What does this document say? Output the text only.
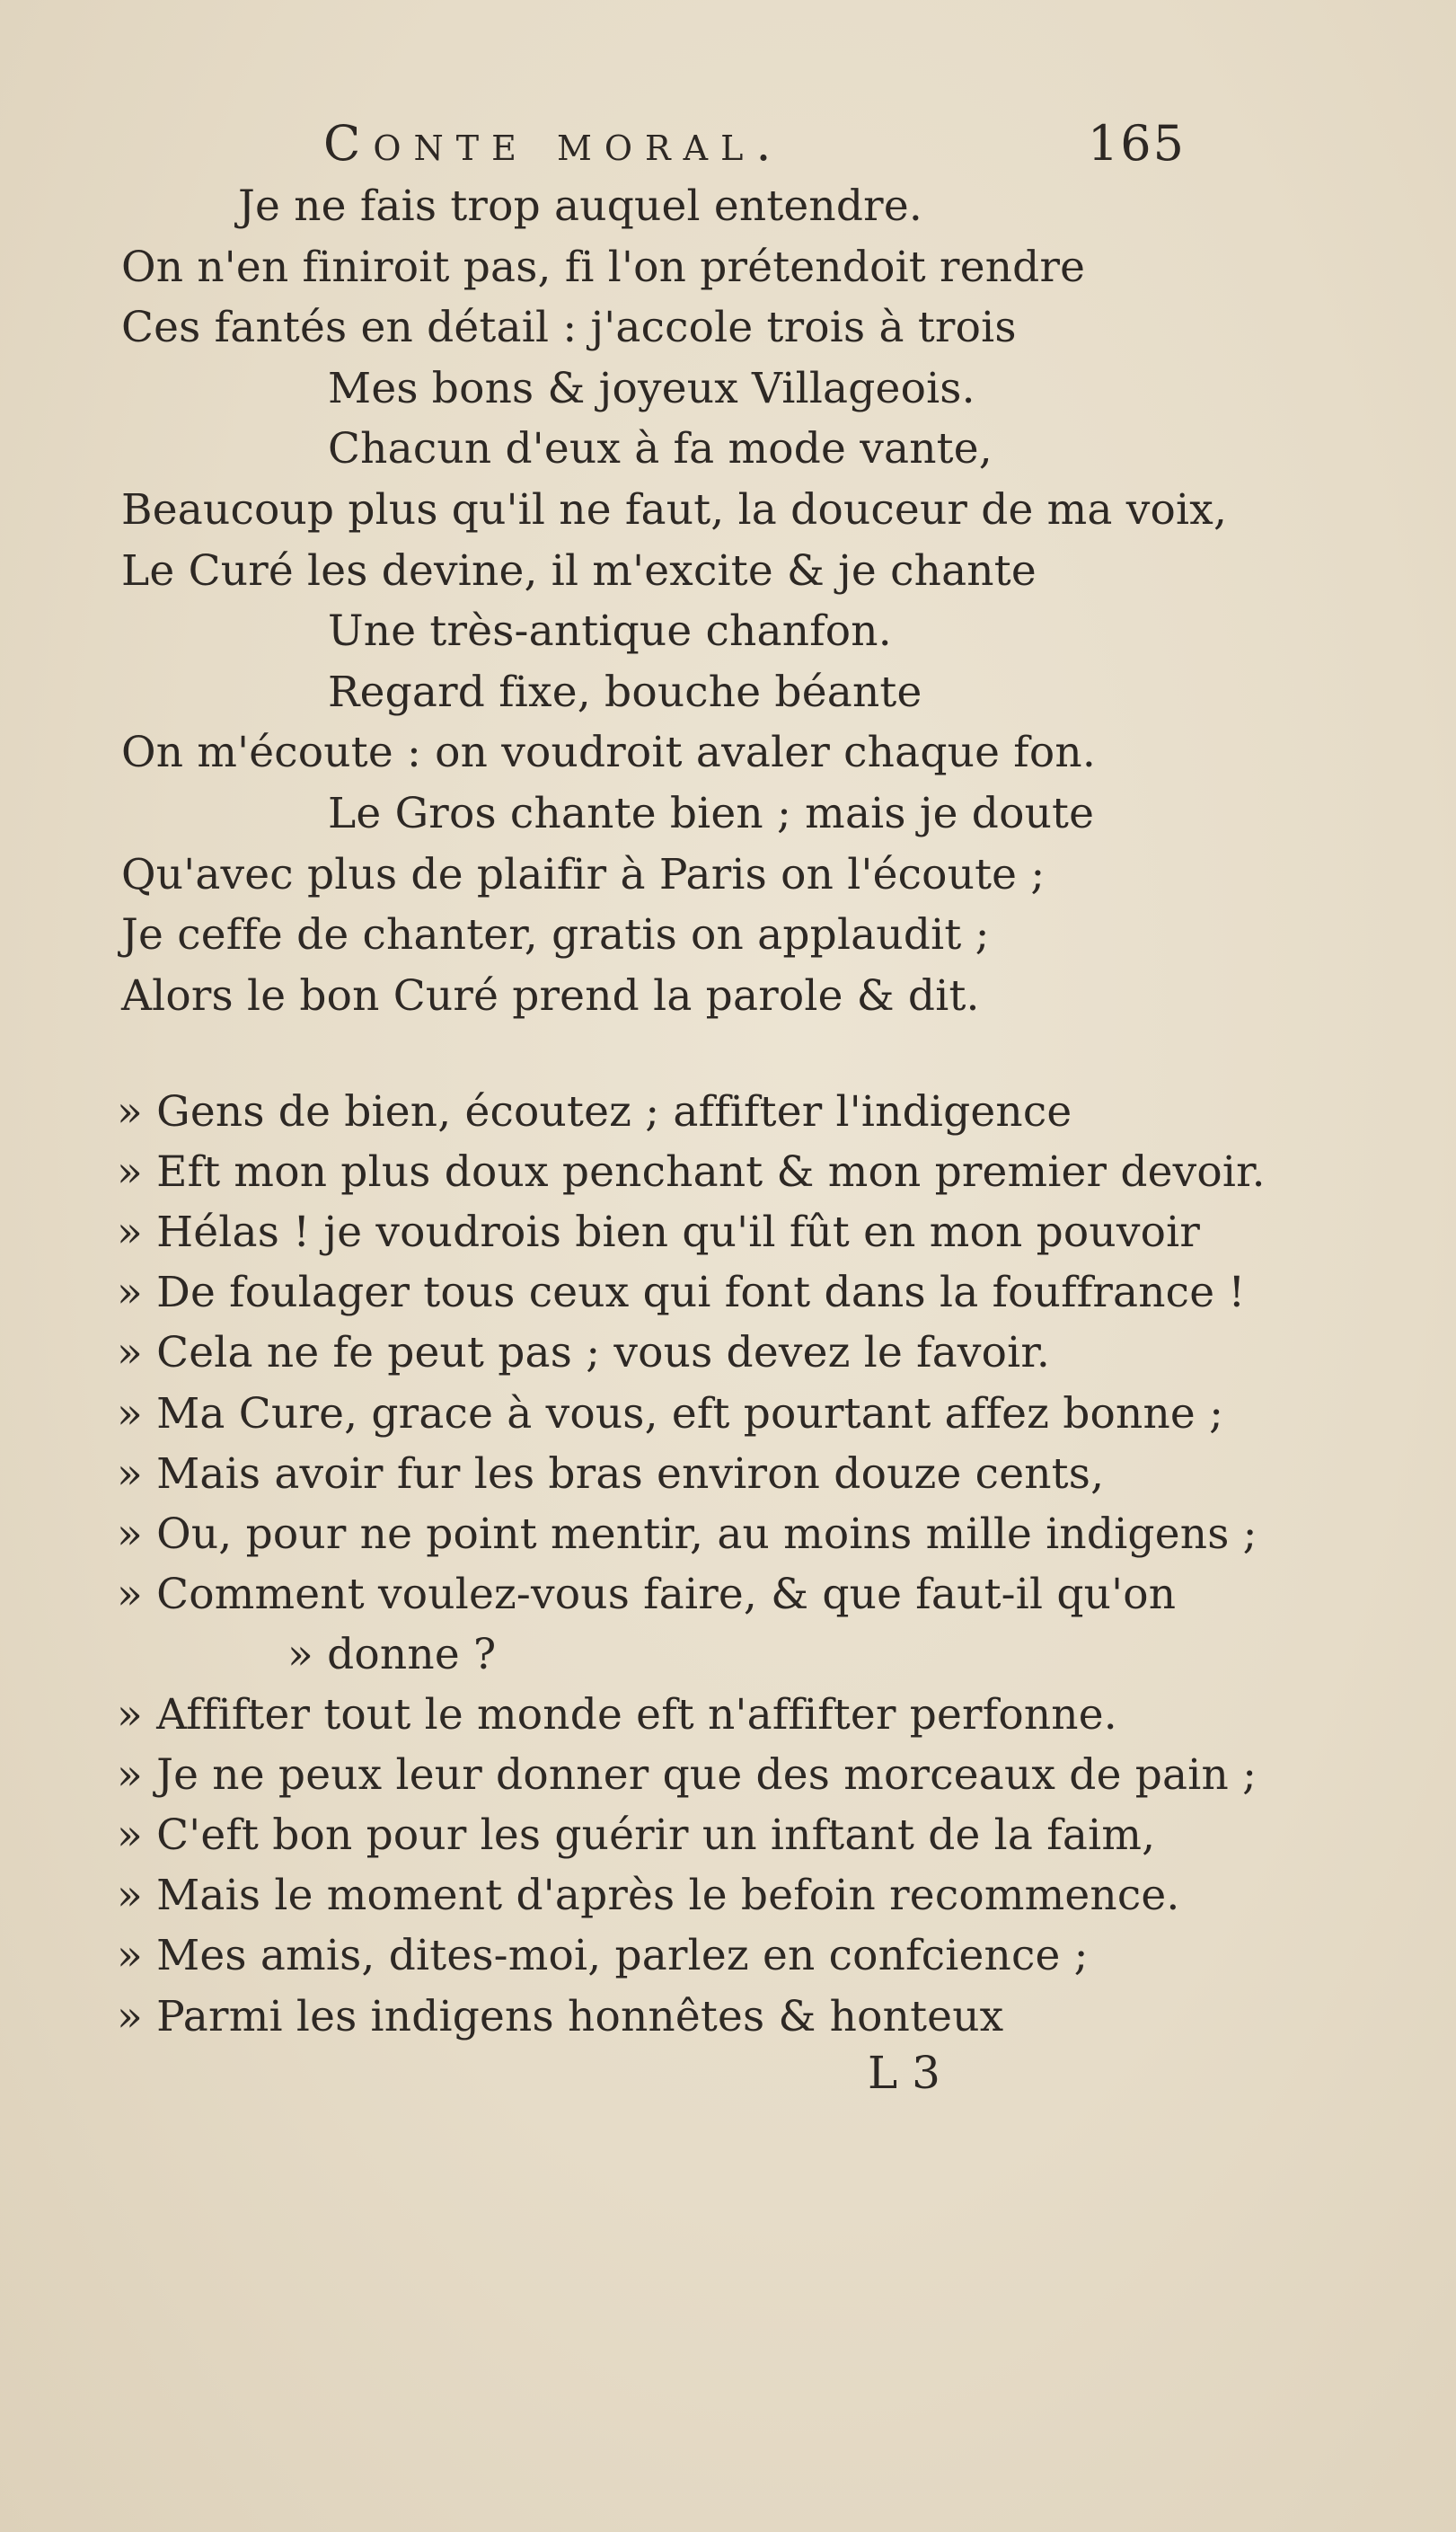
Conte moral.	165
Je ne fais trop auquel entendre.
On n'en finiroit pas, fi l'on prétendoit rendre
Ces fantés en détail : j'accole trois à trois
Mes bons & joyeux Villageois.
Chacun d'eux à fa mode vante,
Beaucoup plus qu'il ne faut, la douceur de ma voix,
Le Curé les devine, il m'excite & je chante
Une très-antique chanfon.
Regard fixe, bouche béante
On m'écoute : on voudroit avaler chaque fon.
Le Gros chante bien ; mais je doute
Qu'avec plus de plaifir à Paris on l'écoute ;
Je ceffe de chanter, gratis on applaudit ;
Alors le bon Curé prend la parole & dit.
» Gens de bien, écoutez ; affifter l'indigence
» Eft mon plus doux penchant & mon premier devoir.
» Hélas ! je voudrois bien qu'il fût en mon pouvoir
» De foulager tous ceux qui font dans la fouffrance !
» Cela ne fe peut pas ; vous devez le favoir.
» Ma Cure, grace à vous, eft pourtant affez bonne ;
» Mais avoir fur les bras environ douze cents,
» Ou, pour ne point mentir, au moins mille indigens ;
» Comment voulez-vous faire, & que faut-il qu'on
» donne ?
» Affifter tout le monde eft n'affifter perfonne.
» Je ne peux leur donner que des morceaux de pain ;
» C'eft bon pour les guérir un inftant de la faim,
» Mais le moment d'après le befoin recommence.
» Mes amis, dites-moi, parlez en confcience ;
» Parmi les indigens honnêtes & honteux
L 3
